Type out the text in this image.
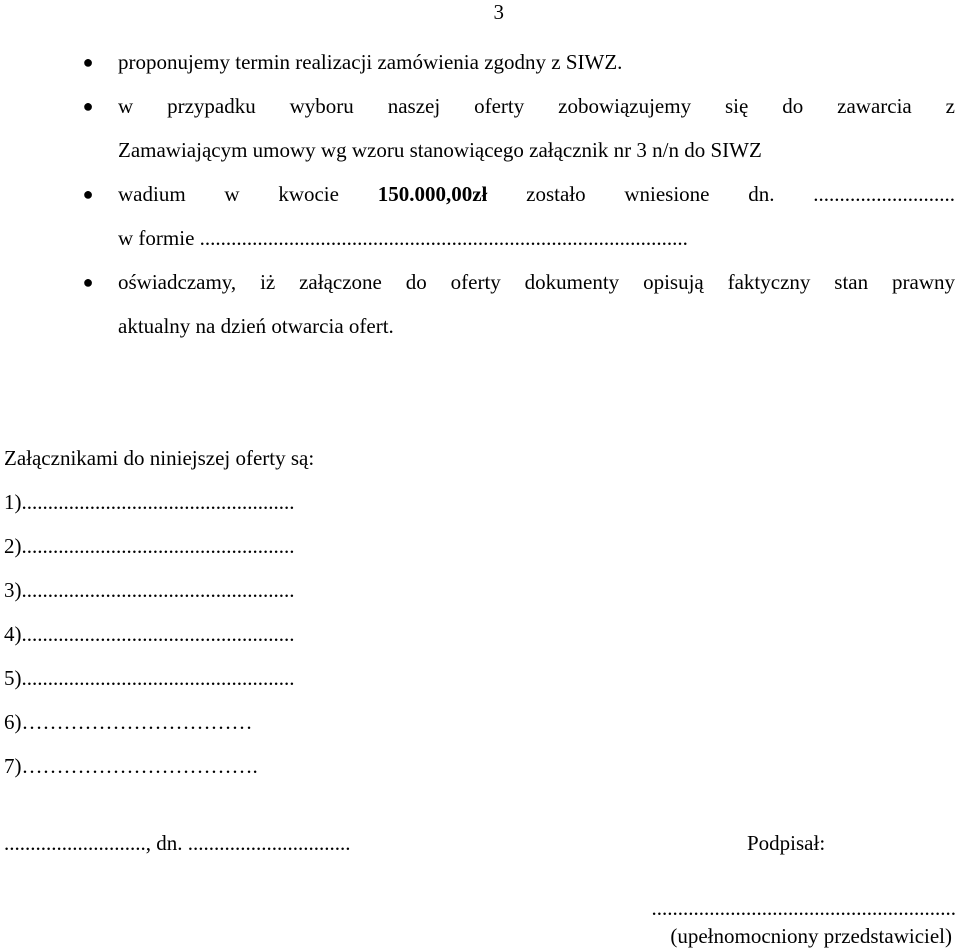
3
● proponujemy termin realizacji zamówienia zgodny z SIWZ.
● w przypadku wyboru naszej oferty zobowiązujemy się do zawarcia z
Zamawiającym umowy wg wzoru stanowiącego załącznik nr 3 n/n do SIWZ
● wadium w kwocie 150.000,00zł zostało wniesione dn. ...........................
w formie .............................................................................................
● oświadczamy, iż załączone do oferty dokumenty opisują faktyczny stan prawny
aktualny na dzień otwarcia ofert.
Załącznikami do niniejszej oferty są:
1)....................................................
2)....................................................
3)....................................................
4)....................................................
5)....................................................
6)……………………………
7)…………………………….
..........................., dn. ...............................	Podpisał:
..........................................................
(upełnomocniony przedstawiciel)
